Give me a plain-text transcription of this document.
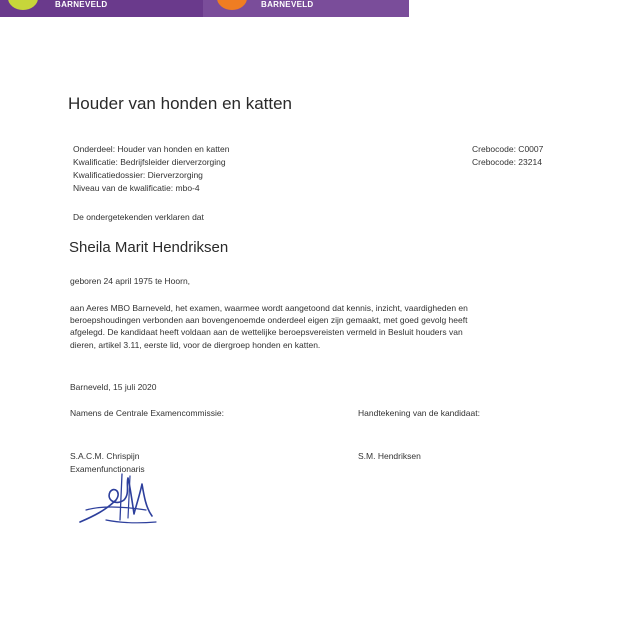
BARNEVELD	BARNEVELD
Houder van honden en katten
Onderdeel: Houder van honden en katten
Kwalificatie: Bedrijfsleider dierverzorging
Kwalificatiedossier: Dierverzorging
Niveau van de kwalificatie: mbo-4
Crebocode: C0007
Crebocode: 23214
De ondergetekenden verklaren dat
Sheila Marit Hendriksen
geboren 24 april 1975 te Hoorn,
aan Aeres MBO Barneveld, het examen, waarmee wordt aangetoond dat kennis, inzicht, vaardigheden en
beroepshoudingen verbonden aan bovengenoemde onderdeel eigen zijn gemaakt, met goed gevolg heeft
afgelegd. De kandidaat heeft voldaan aan de wettelijke beroepsvereisten vermeld in Besluit houders van
dieren, artikel 3.11, eerste lid, voor de diergroep honden en katten.
Barneveld, 15 juli 2020
Namens de Centrale Examencommissie:	Handtekening van de kandidaat:
S.A.C.M. Chrispijn
Examenfunctionaris
S.M. Hendriksen
